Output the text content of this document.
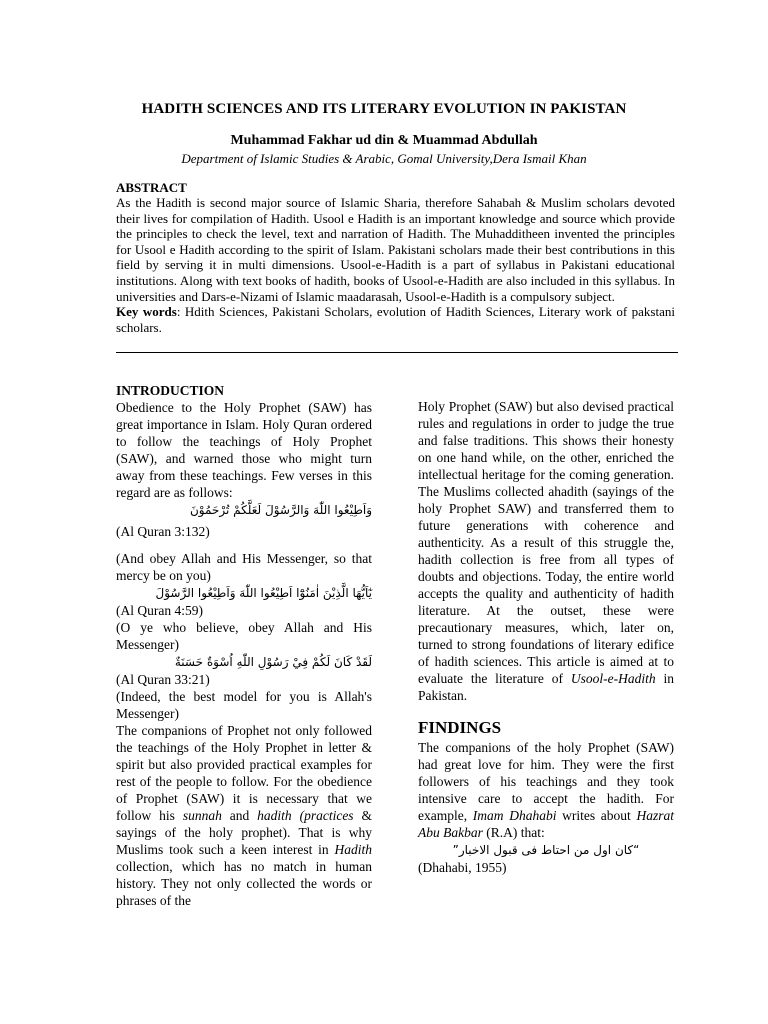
HADITH SCIENCES AND ITS LITERARY EVOLUTION IN PAKISTAN
Muhammad Fakhar ud din & Muammad Abdullah
Department of Islamic Studies & Arabic, Gomal University,Dera Ismail Khan
ABSTRACT

As the Hadith is second major source of Islamic Sharia, therefore Sahabah & Muslim scholars devoted their lives for compilation of Hadith. Usool e Hadith is an important knowledge and source which provide the principles to check the level, text and narration of Hadith. The Muhadditheen invented the principles for Usool e Hadith according to the spirit of Islam. Pakistani scholars made their best contributions in this field by serving it in multi dimensions. Usool-e-Hadith is a part of syllabus in Pakistani educational institutions. Along with text books of hadith, books of Usool-e-Hadith are also included in this syllabus. In universities and Dars-e-Nizami of Islamic maadarasah, Usool-e-Hadith is a compulsory subject.

Key words: Hdith Sciences, Pakistani Scholars, evolution of Hadith Sciences, Literary work of pakstani scholars.

INTRODUCTION

Obedience to the Holy Prophet (SAW) has great importance in Islam. Holy Quran ordered to follow the teachings of Holy Prophet (SAW), and warned those who might turn away from these teachings. Few verses in this regard are as follows:

وَاَطِيْعُوا اللّٰهَ وَالرَّسُوْلَ لَعَلَّكُمْ تُرْحَمُوْنَ

(Al Quran 3:132)

(And obey Allah and His Messenger, so that mercy be on you)

يٰٓاَيُّهَا الَّذِيْنَ اٰمَنُوْٓا اَطِيْعُوا اللّٰهَ وَاَطِيْعُوا الرَّسُوْلَ

(Al Quran 4:59)

(O ye who believe, obey Allah and His Messenger)

لَقَدْ كَانَ لَكُمْ فِيْ رَسُوْلِ اللّٰهِ اُسْوَةٌ حَسَنَةٌ

(Al Quran 33:21)

(Indeed, the best model for you is Allah's Messenger)

The companions of Prophet not only followed the teachings of the Holy Prophet in letter & spirit but also provided practical examples for rest of the people to follow. For the obedience of Prophet (SAW) it is necessary that we follow his sunnah and hadith (practices & sayings of the holy prophet). That is why Muslims took such a keen interest in Hadith collection, which has no match in human history. They not only collected the words or phrases of the

Holy Prophet (SAW) but also devised practical rules and regulations in order to judge the true and false traditions. This shows their honesty on one hand while, on the other, enriched the intellectual heritage for the coming generation. The Muslims collected ahadith (sayings of the holy Prophet SAW) and transferred them to future generations with coherence and authenticity. As a result of this struggle the, hadith collection is free from all types of doubts and objections. Today, the entire world accepts the quality and authenticity of hadith literature. At the outset, these were precautionary measures, which, later on, turned to strong foundations of literary edifice of hadith sciences. This article is aimed at to evaluate the literature of Usool-e-Hadith in Pakistan.

FINDINGS

The companions of the holy Prophet (SAW) had great love for him. They were the first followers of his teachings and they took intensive care to accept the hadith. For example, Imam Dhahabi writes about Hazrat Abu Bakbar (R.A) that:

“کان اول من احتاط فی قبول الاخبار”

(Dhahabi, 1955)
